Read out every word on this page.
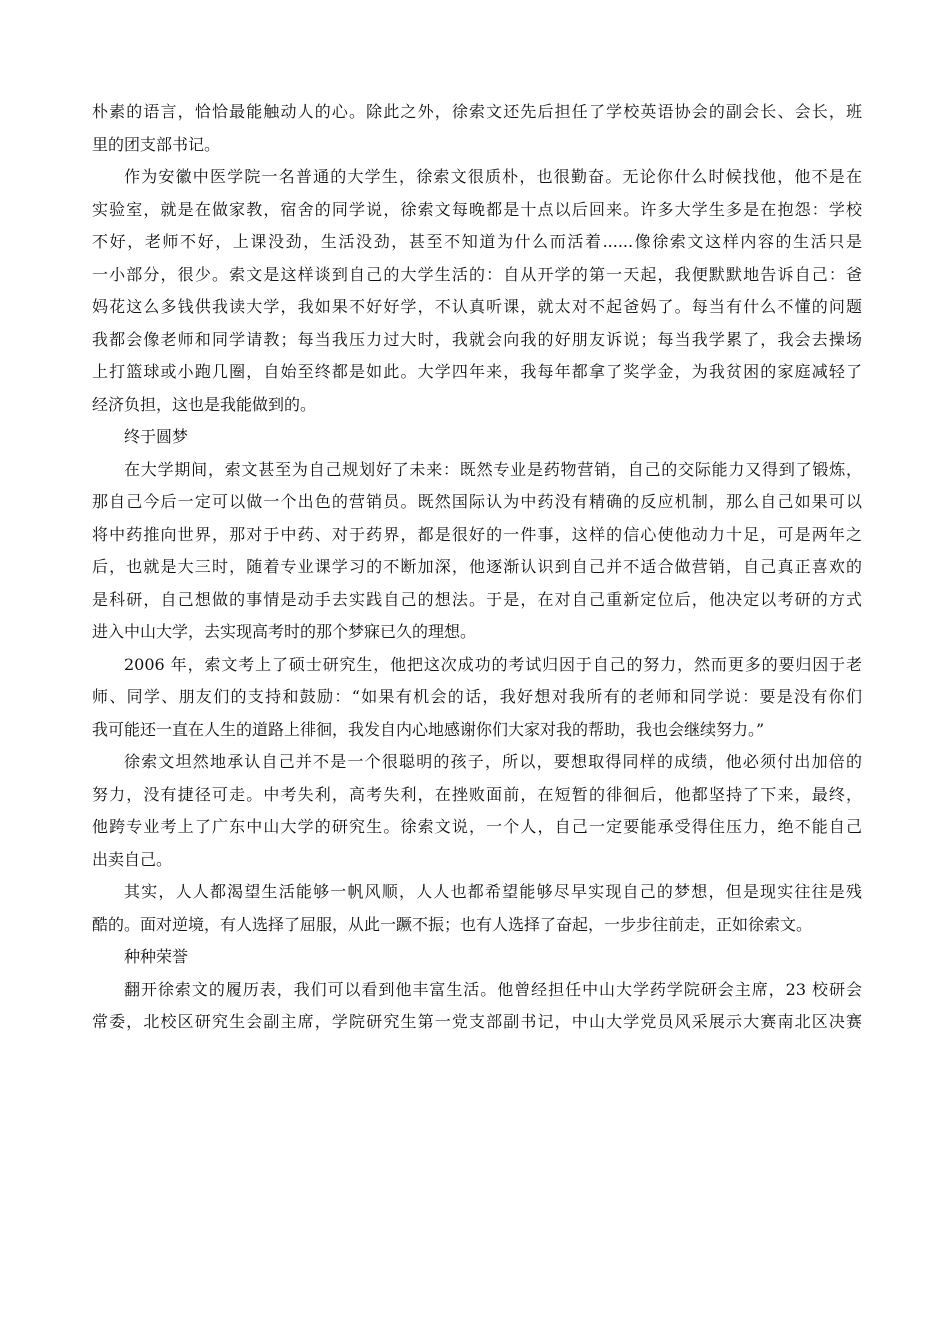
朴素的语言，恰恰最能触动人的心。除此之外，徐索文还先后担任了学校英语协会的副会长、会长，班
里的团支部书记。
作为安徽中医学院一名普通的大学生，徐索文很质朴，也很勤奋。无论你什么时候找他，他不是在
实验室，就是在做家教，宿舍的同学说，徐索文每晚都是十点以后回来。许多大学生多是在抱怨：学校
不好，老师不好，上课没劲，生活没劲，甚至不知道为什么而活着......像徐索文这样内容的生活只是
一小部分，很少。索文是这样谈到自己的大学生活的：自从开学的第一天起，我便默默地告诉自己：爸
妈花这么多钱供我读大学，我如果不好好学，不认真听课，就太对不起爸妈了。每当有什么不懂的问题
我都会像老师和同学请教；每当我压力过大时，我就会向我的好朋友诉说；每当我学累了，我会去操场
上打篮球或小跑几圈，自始至终都是如此。大学四年来，我每年都拿了奖学金，为我贫困的家庭减轻了
经济负担，这也是我能做到的。
终于圆梦
在大学期间，索文甚至为自己规划好了未来：既然专业是药物营销，自己的交际能力又得到了锻炼，
那自己今后一定可以做一个出色的营销员。既然国际认为中药没有精确的反应机制，那么自己如果可以
将中药推向世界，那对于中药、对于药界，都是很好的一件事，这样的信心使他动力十足，可是两年之
后，也就是大三时，随着专业课学习的不断加深，他逐渐认识到自己并不适合做营销，自己真正喜欢的
是科研，自己想做的事情是动手去实践自己的想法。于是，在对自己重新定位后，他决定以考研的方式
进入中山大学，去实现高考时的那个梦寐已久的理想。
2006 年，索文考上了硕士研究生，他把这次成功的考试归因于自己的努力，然而更多的要归因于老
师、同学、朋友们的支持和鼓励：“如果有机会的话，我好想对我所有的老师和同学说：要是没有你们
我可能还一直在人生的道路上徘徊，我发自内心地感谢你们大家对我的帮助，我也会继续努力。”
徐索文坦然地承认自己并不是一个很聪明的孩子，所以，要想取得同样的成绩，他必须付出加倍的
努力，没有捷径可走。中考失利，高考失利，在挫败面前，在短暂的徘徊后，他都坚持了下来，最终，
他跨专业考上了广东中山大学的研究生。徐索文说，一个人，自己一定要能承受得住压力，绝不能自己
出卖自己。
其实，人人都渴望生活能够一帆风顺，人人也都希望能够尽早实现自己的梦想，但是现实往往是残
酷的。面对逆境，有人选择了屈服，从此一蹶不振；也有人选择了奋起，一步步往前走，正如徐索文。
种种荣誉
翻开徐索文的履历表，我们可以看到他丰富生活。他曾经担任中山大学药学院研会主席，23 校研会
常委，北校区研究生会副主席，学院研究生第一党支部副书记，中山大学党员风采展示大赛南北区决赛
